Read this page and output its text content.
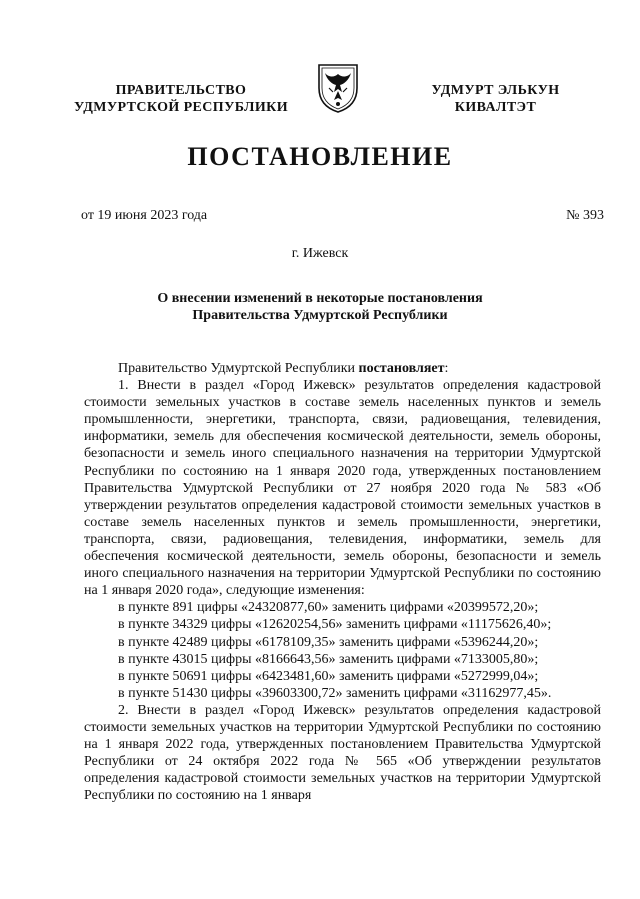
ПРАВИТЕЛЬСТВО
УДМУРТСКОЙ РЕСПУБЛИКИ
УДМУРТ ЭЛЬКУН
КИВАЛТЭТ
ПОСТАНОВЛЕНИЕ
от 19 июня 2023 года	№ 393
г. Ижевск
О внесении изменений в некоторые постановления
Правительства Удмуртской Республики

Правительство Удмуртской Республики постановляет:

1. Внести в раздел «Город Ижевск» результатов определения кадастровой стоимости земельных участков в составе земель населенных пунктов и земель промышленности, энергетики, транспорта, связи, радиовещания, телевидения, информатики, земель для обеспечения космической деятельности, земель обороны, безопасности и земель иного специального назначения на территории Удмуртской Республики по состоянию на 1 января 2020 года, утвержденных постановлением Правительства Удмуртской Республики от 27 ноября 2020 года № 583 «Об утверждении результатов определения кадастровой стоимости земельных участков в составе земель населенных пунктов и земель промышленности, энергетики, транспорта, связи, радиовещания, телевидения, информатики, земель для обеспечения космической деятельности, земель обороны, безопасности и земель иного специального назначения на территории Удмуртской Республики по состоянию на 1 января 2020 года», следующие изменения:

в пункте 891 цифры «24320877,60» заменить цифрами «20399572,20»;
в пункте 34329 цифры «12620254,56» заменить цифрами «11175626,40»;
в пункте 42489 цифры «6178109,35» заменить цифрами «5396244,20»;
в пункте 43015 цифры «8166643,56» заменить цифрами «7133005,80»;
в пункте 50691 цифры «6423481,60» заменить цифрами «5272999,04»;
в пункте 51430 цифры «39603300,72» заменить цифрами «31162977,45».

2. Внести в раздел «Город Ижевск» результатов определения кадастровой стоимости земельных участков на территории Удмуртской Республики по состоянию на 1 января 2022 года, утвержденных постановлением Правительства Удмуртской Республики от 24 октября 2022 года № 565 «Об утверждении результатов определения кадастровой стоимости земельных участков на территории Удмуртской Республики по состоянию на 1 января
